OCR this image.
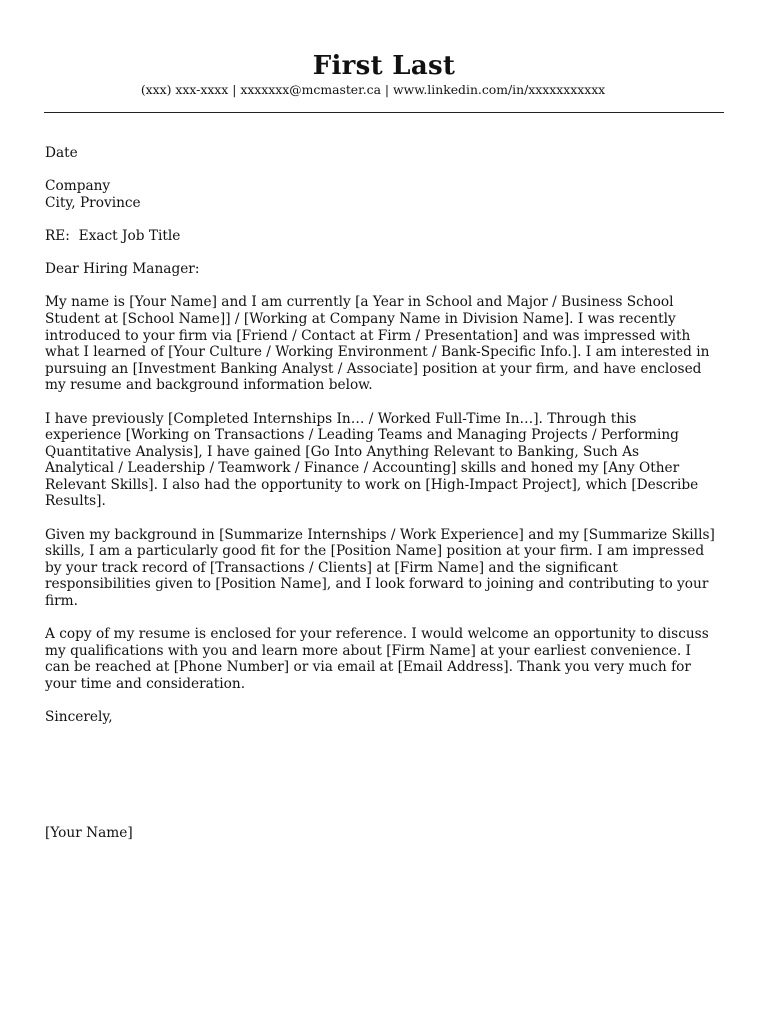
First Last
(xxx) xxx-xxxx | xxxxxxx@mcmaster.ca | www.linkedin.com/in/xxxxxxxxxxx

Date

Company

City, Province

RE:  Exact Job Title

Dear Hiring Manager:

My name is [Your Name] and I am currently [a Year in School and Major / Business School

Student at [School Name]] / [Working at Company Name in Division Name]. I was recently

introduced to your firm via [Friend / Contact at Firm / Presentation] and was impressed with

what I learned of [Your Culture / Working Environment / Bank-Specific Info.]. I am interested in

pursuing an [Investment Banking Analyst / Associate] position at your firm, and have enclosed

my resume and background information below.

I have previously [Completed Internships In… / Worked Full-Time In…]. Through this

experience [Working on Transactions / Leading Teams and Managing Projects / Performing

Quantitative Analysis], I have gained [Go Into Anything Relevant to Banking, Such As

Analytical / Leadership / Teamwork / Finance / Accounting] skills and honed my [Any Other

Relevant Skills]. I also had the opportunity to work on [High-Impact Project], which [Describe

Results].

Given my background in [Summarize Internships / Work Experience] and my [Summarize Skills]

skills, I am a particularly good fit for the [Position Name] position at your firm. I am impressed

by your track record of [Transactions / Clients] at [Firm Name] and the significant

responsibilities given to [Position Name], and I look forward to joining and contributing to your

firm.

A copy of my resume is enclosed for your reference. I would welcome an opportunity to discuss

my qualifications with you and learn more about [Firm Name] at your earliest convenience. I

can be reached at [Phone Number] or via email at [Email Address]. Thank you very much for

your time and consideration.

Sincerely,

[Your Name]
